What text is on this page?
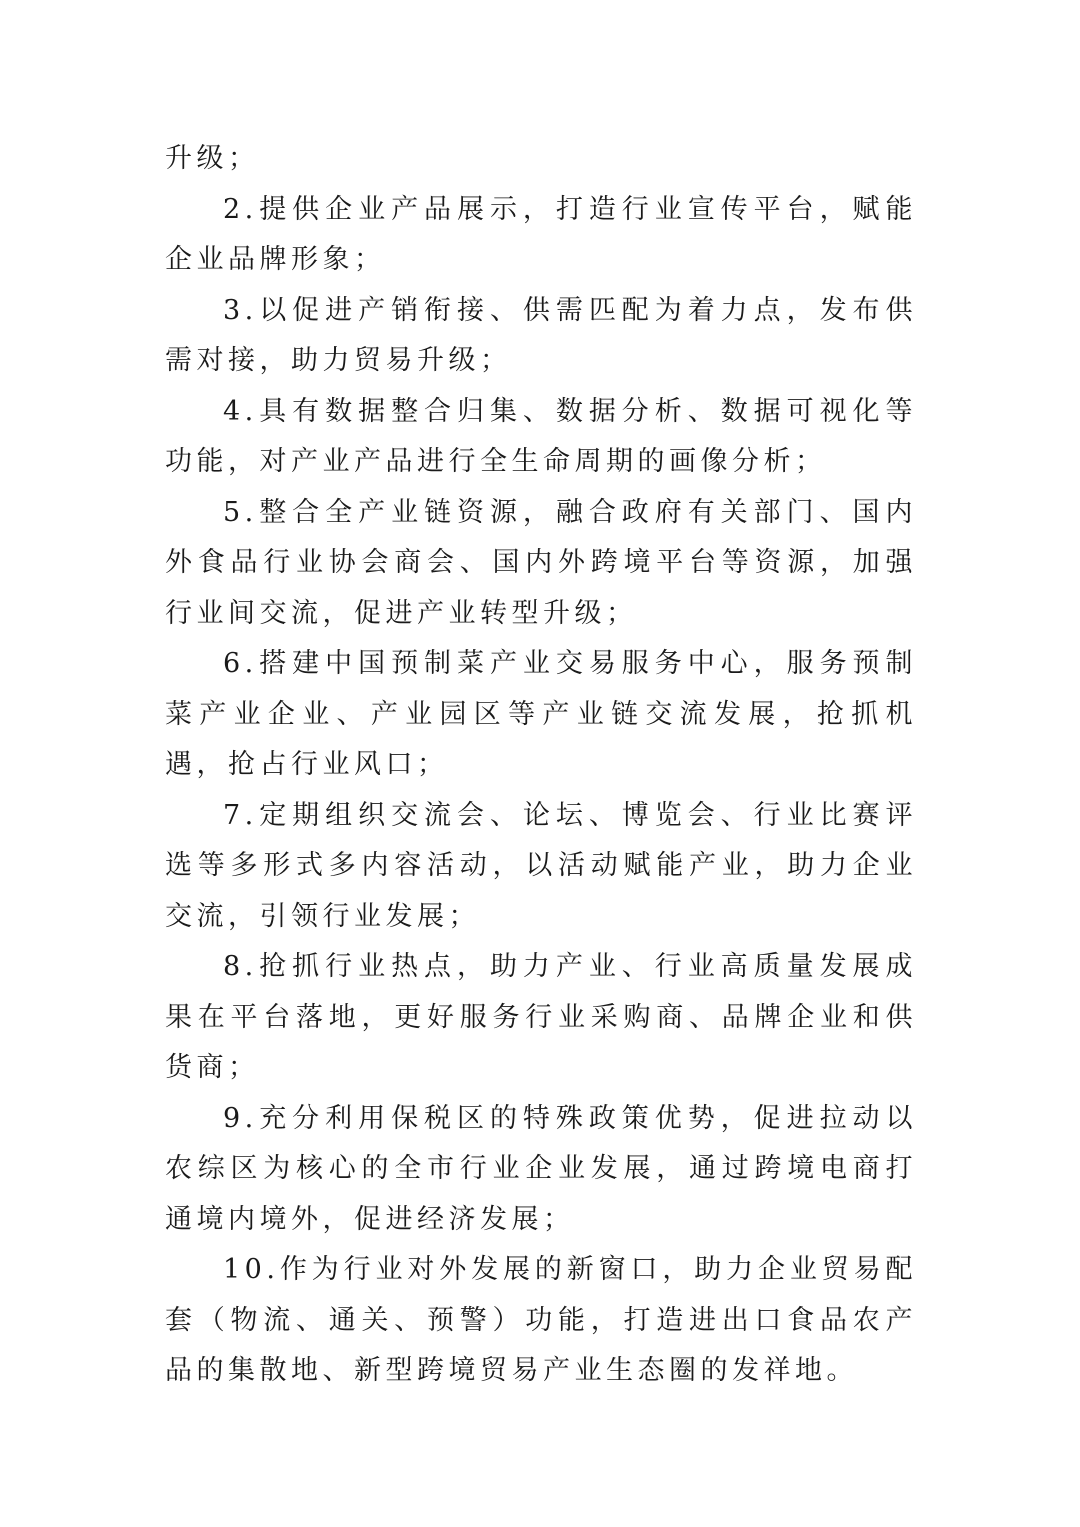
升级；

2.提供企业产品展示，打造行业宣传平台，赋能企业品牌形象；

3.以促进产销衔接、供需匹配为着力点，发布供需对接，助力贸易升级；

4.具有数据整合归集、数据分析、数据可视化等功能，对产业产品进行全生命周期的画像分析；

5.整合全产业链资源，融合政府有关部门、国内外食品行业协会商会、国内外跨境平台等资源，加强行业间交流，促进产业转型升级；

6.搭建中国预制菜产业交易服务中心，服务预制菜产业企业、产业园区等产业链交流发展，抢抓机遇，抢占行业风口；

7.定期组织交流会、论坛、博览会、行业比赛评选等多形式多内容活动，以活动赋能产业，助力企业交流，引领行业发展；

8.抢抓行业热点，助力产业、行业高质量发展成果在平台落地，更好服务行业采购商、品牌企业和供货商；

9.充分利用保税区的特殊政策优势，促进拉动以农综区为核心的全市行业企业发展，通过跨境电商打通境内境外，促进经济发展；

10.作为行业对外发展的新窗口，助力企业贸易配套（物流、通关、预警）功能，打造进出口食品农产品的集散地、新型跨境贸易产业生态圈的发祥地。
